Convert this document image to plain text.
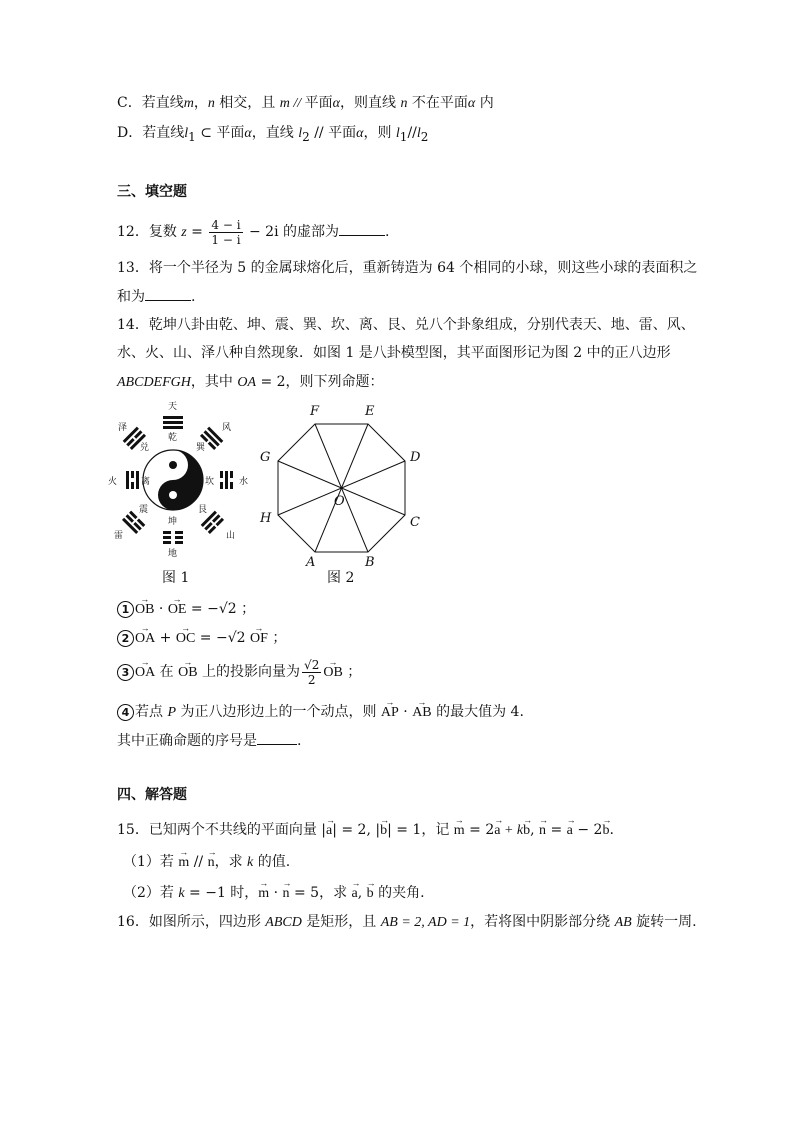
C．若直线m，n 相交，且 m // 平面α，则直线 n 不在平面α 内
D．若直线$l_1$ ⊂ 平面α，直线 $l_2$ // 平面α，则 $l_1//l_2$
三、填空题
12．复数 $z = \frac{4 - i}{1 - i} - 2i$ 的虚部为	.
13．将一个半径为 5 的金属球熔化后，重新铸造为 64 个相同的小球，则这些小球的表面积之
和为	.
14．乾坤八卦由乾、坤、震、巽、坎、离、艮、兑八个卦象组成，分别代表天、地、雷、风、
水、火、山、泽八种自然现象．如图 1 是八卦模型图，其平面图形记为图 2 中的正八边形
ABCDEFGH，其中 OA = 2，则下列命题：
天
乾
风
巽
水
坎
山
艮
地
坤
雷
震
火	离
泽
兑
图 1
A	B
C
D
E
F
G
H
O
图 2
1 → OB · → OE = −√2 ；
2 → OA + → OC = −√2 → OF ；
3 → OA 在 → OB 上的投影向量为 $\frac{√2}{2}$ → OB ；
4 若点 P 为正八边形边上的一个动点，则 → AP · → AB 的最大值为 4.
其中正确命题的序号是	.
四、解答题
15．已知两个不共线的平面向量 |→ a| = 2, |→ b| = 1，记 → m = 2→ a + k→ b, → n = → a − 2→ b.
（1）若 → m // → n，求 k 的值.
（2）若 k = −1 时，→ m · → n = 5，求 → a, → b 的夹角.
16．如图所示，四边形 ABCD 是矩形，且 AB = 2, AD = 1，若将图中阴影部分绕 AB 旋转一周.
